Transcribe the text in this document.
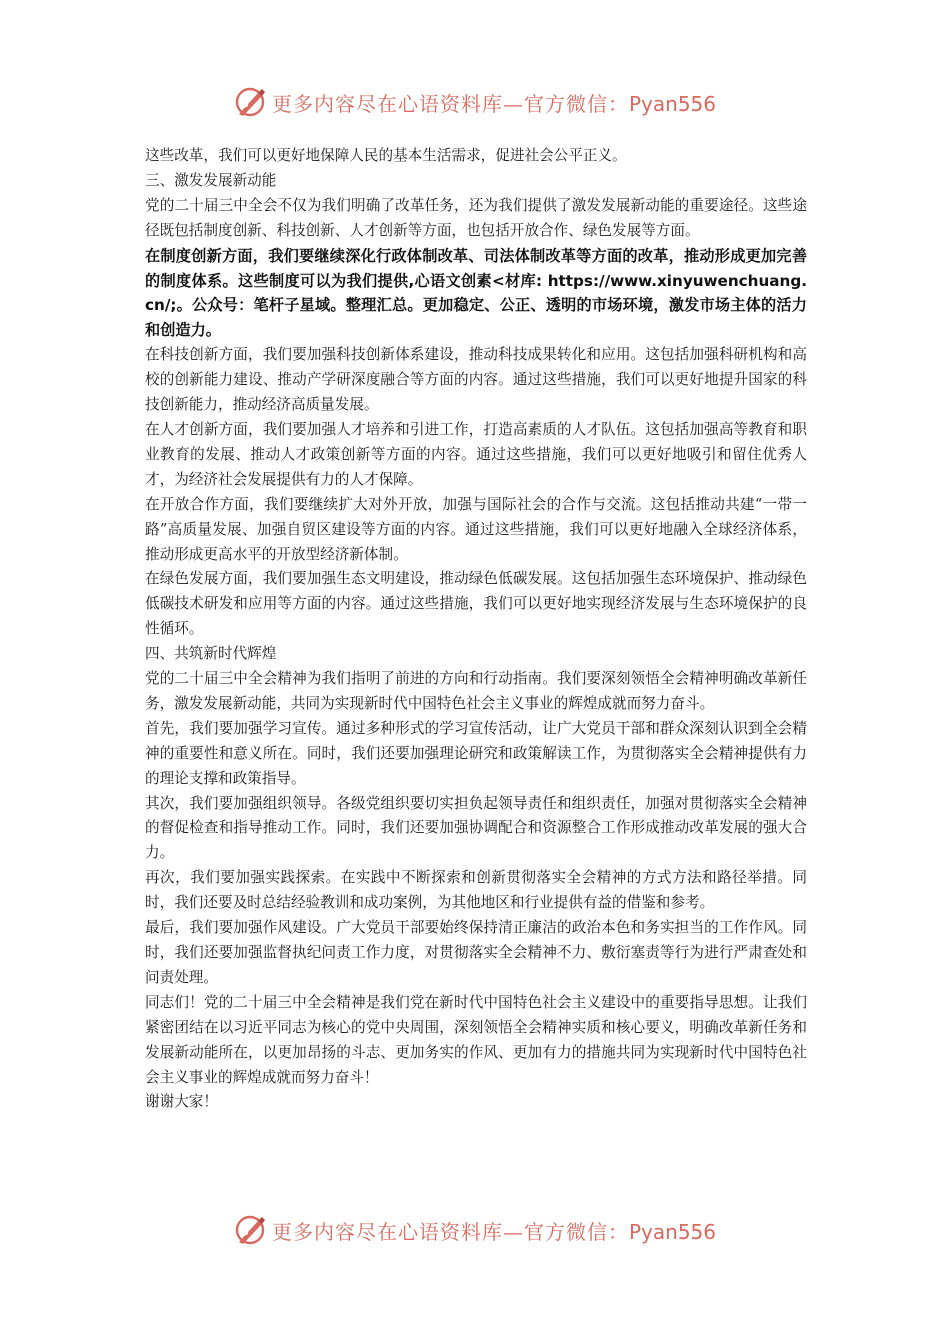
更多内容尽在心语资料库—官方微信：Pyan556

这些改革，我们可以更好地保障人民的基本生活需求，促进社会公平正义。

三、激发发展新动能

党的二十届三中全会不仅为我们明确了改革任务，还为我们提供了激发发展新动能的重要途径。这些途径既包括制度创新、科技创新、人才创新等方面，也包括开放合作、绿色发展等方面。

在制度创新方面，我们要继续深化行政体制改革、司法体制改革等方面的改革，推动形成更加完善的制度体系。这些制度可以为我们提供,心语文创素<材库: https://www.xinyuwenchuang.cn/;。公众号：笔杆子星域。整理汇总。更加稳定、公正、透明的市场环境，激发市场主体的活力和创造力。

在科技创新方面，我们要加强科技创新体系建设，推动科技成果转化和应用。这包括加强科研机构和高校的创新能力建设、推动产学研深度融合等方面的内容。通过这些措施，我们可以更好地提升国家的科技创新能力，推动经济高质量发展。

在人才创新方面，我们要加强人才培养和引进工作，打造高素质的人才队伍。这包括加强高等教育和职业教育的发展、推动人才政策创新等方面的内容。通过这些措施，我们可以更好地吸引和留住优秀人才，为经济社会发展提供有力的人才保障。

在开放合作方面，我们要继续扩大对外开放，加强与国际社会的合作与交流。这包括推动共建“一带一路”高质量发展、加强自贸区建设等方面的内容。通过这些措施，我们可以更好地融入全球经济体系，推动形成更高水平的开放型经济新体制。

在绿色发展方面，我们要加强生态文明建设，推动绿色低碳发展。这包括加强生态环境保护、推动绿色低碳技术研发和应用等方面的内容。通过这些措施，我们可以更好地实现经济发展与生态环境保护的良性循环。

四、共筑新时代辉煌

党的二十届三中全会精神为我们指明了前进的方向和行动指南。我们要深刻领悟全会精神明确改革新任务，激发发展新动能，共同为实现新时代中国特色社会主义事业的辉煌成就而努力奋斗。

首先，我们要加强学习宣传。通过多种形式的学习宣传活动，让广大党员干部和群众深刻认识到全会精神的重要性和意义所在。同时，我们还要加强理论研究和政策解读工作，为贯彻落实全会精神提供有力的理论支撑和政策指导。

其次，我们要加强组织领导。各级党组织要切实担负起领导责任和组织责任，加强对贯彻落实全会精神的督促检查和指导推动工作。同时，我们还要加强协调配合和资源整合工作形成推动改革发展的强大合力。

再次，我们要加强实践探索。在实践中不断探索和创新贯彻落实全会精神的方式方法和路径举措。同时，我们还要及时总结经验教训和成功案例，为其他地区和行业提供有益的借鉴和参考。

最后，我们要加强作风建设。广大党员干部要始终保持清正廉洁的政治本色和务实担当的工作作风。同时，我们还要加强监督执纪问责工作力度，对贯彻落实全会精神不力、敷衍塞责等行为进行严肃查处和问责处理。

同志们！党的二十届三中全会精神是我们党在新时代中国特色社会主义建设中的重要指导思想。让我们紧密团结在以习近平同志为核心的党中央周围，深刻领悟全会精神实质和核心要义，明确改革新任务和发展新动能所在，以更加昂扬的斗志、更加务实的作风、更加有力的措施共同为实现新时代中国特色社会主义事业的辉煌成就而努力奋斗！

谢谢大家！

更多内容尽在心语资料库—官方微信：Pyan556
